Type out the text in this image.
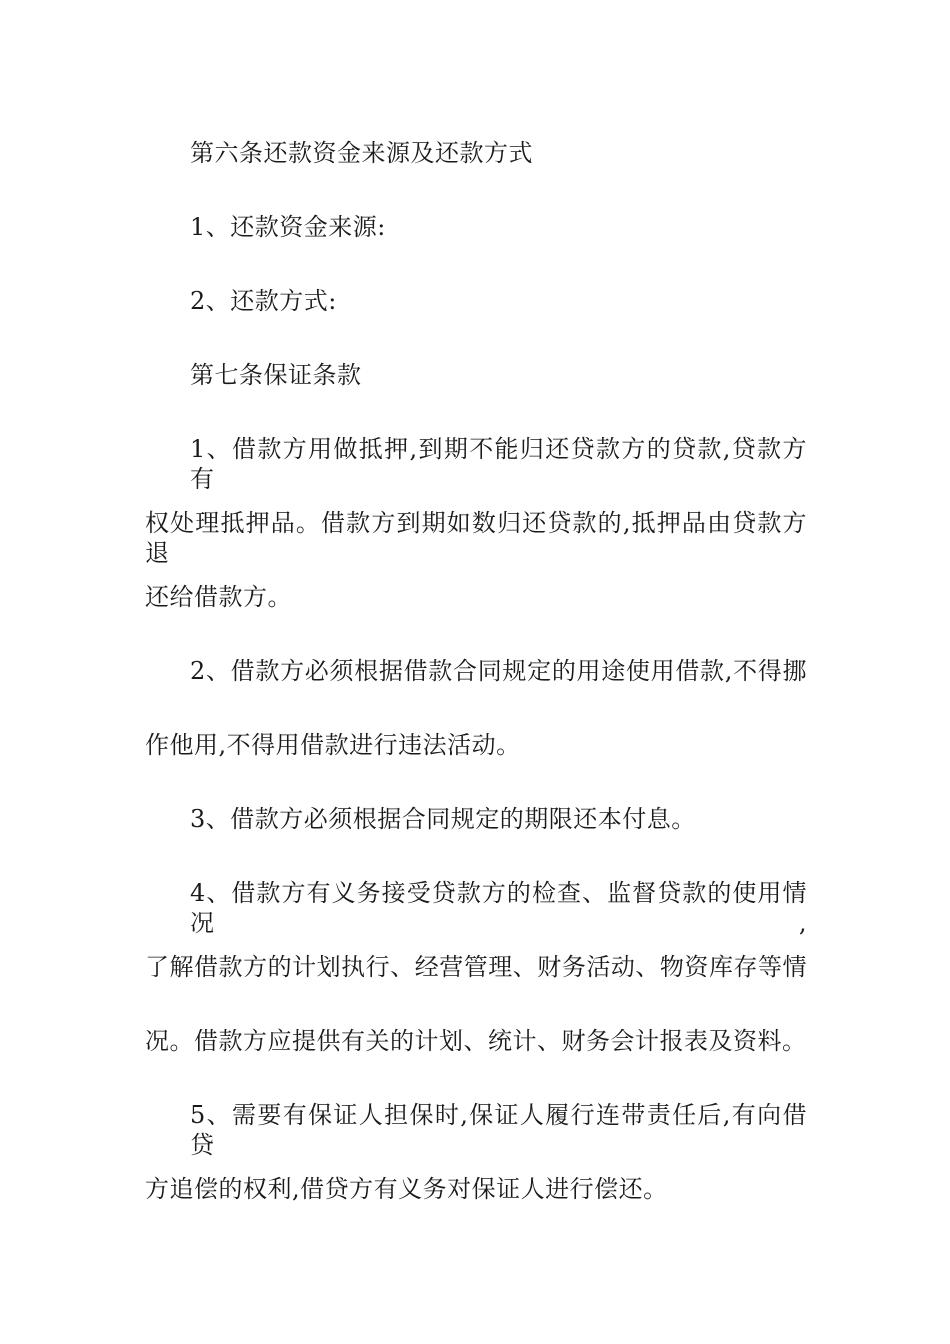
第六条还款资金来源及还款方式
1、还款资金来源:
2、还款方式:
第七条保证条款
1、借款方用做抵押,到期不能归还贷款方的贷款,贷款方有
权处理抵押品。借款方到期如数归还贷款的,抵押品由贷款方退
还给借款方。
2、借款方必须根据借款合同规定的用途使用借款,不得挪
作他用,不得用借款进行违法活动。
3、借款方必须根据合同规定的期限还本付息。
4、借款方有义务接受贷款方的检查、监督贷款的使用情况,
了解借款方的计划执行、经营管理、财务活动、物资库存等情
况。借款方应提供有关的计划、统计、财务会计报表及资料。
5、需要有保证人担保时,保证人履行连带责任后,有向借贷
方追偿的权利,借贷方有义务对保证人进行偿还。
